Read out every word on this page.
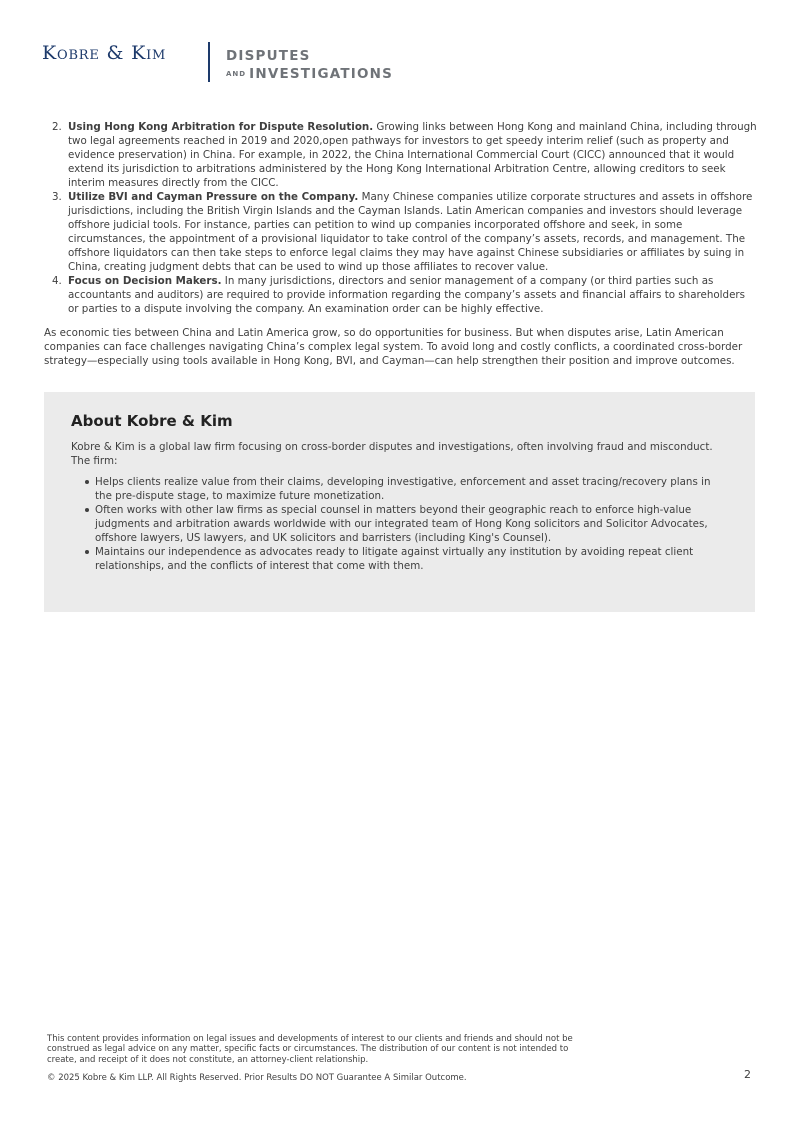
Kobre & Kim	DISPUTES
AND INVESTIGATIONS
2. Using Hong Kong Arbitration for Dispute Resolution. Growing links between Hong Kong and mainland China, including through two legal agreements reached in 2019 and 2020,open pathways for investors to get speedy interim relief (such as property and evidence preservation) in China. For example, in 2022, the China International Commercial Court (CICC) announced that it would extend its jurisdiction to arbitrations administered by the Hong Kong International Arbitration Centre, allowing creditors to seek interim measures directly from the CICC.
3. Utilize BVI and Cayman Pressure on the Company. Many Chinese companies utilize corporate structures and assets in offshore jurisdictions, including the British Virgin Islands and the Cayman Islands. Latin American companies and investors should leverage offshore judicial tools. For instance, parties can petition to wind up companies incorporated offshore and seek, in some circumstances, the appointment of a provisional liquidator to take control of the company’s assets, records, and management. The offshore liquidators can then take steps to enforce legal claims they may have against Chinese subsidiaries or affiliates by suing in China, creating judgment debts that can be used to wind up those affiliates to recover value.
4. Focus on Decision Makers. In many jurisdictions, directors and senior management of a company (or third parties such as accountants and auditors) are required to provide information regarding the company’s assets and financial affairs to shareholders or parties to a dispute involving the company. An examination order can be highly effective.

As economic ties between China and Latin America grow, so do opportunities for business. But when disputes arise, Latin American companies can face challenges navigating China’s complex legal system. To avoid long and costly conflicts, a coordinated cross-border strategy—especially using tools available in Hong Kong, BVI, and Cayman—can help strengthen their position and improve outcomes.

About Kobre & Kim

Kobre & Kim is a global law firm focusing on cross-border disputes and investigations, often involving fraud and misconduct. The firm:

Helps clients realize value from their claims, developing investigative, enforcement and asset tracing/recovery plans in the pre-dispute stage, to maximize future monetization.
Often works with other law firms as special counsel in matters beyond their geographic reach to enforce high-value judgments and arbitration awards worldwide with our integrated team of Hong Kong solicitors and Solicitor Advocates, offshore lawyers, US lawyers, and UK solicitors and barristers (including King's Counsel).
Maintains our independence as advocates ready to litigate against virtually any institution by avoiding repeat client relationships, and the conflicts of interest that come with them.

This content provides information on legal issues and developments of interest to our clients and friends and should not be construed as legal advice on any matter, specific facts or circumstances. The distribution of our content is not intended to create, and receipt of it does not constitute, an attorney-client relationship.

© 2025 Kobre & Kim LLP. All Rights Reserved. Prior Results DO NOT Guarantee A Similar Outcome.	2
